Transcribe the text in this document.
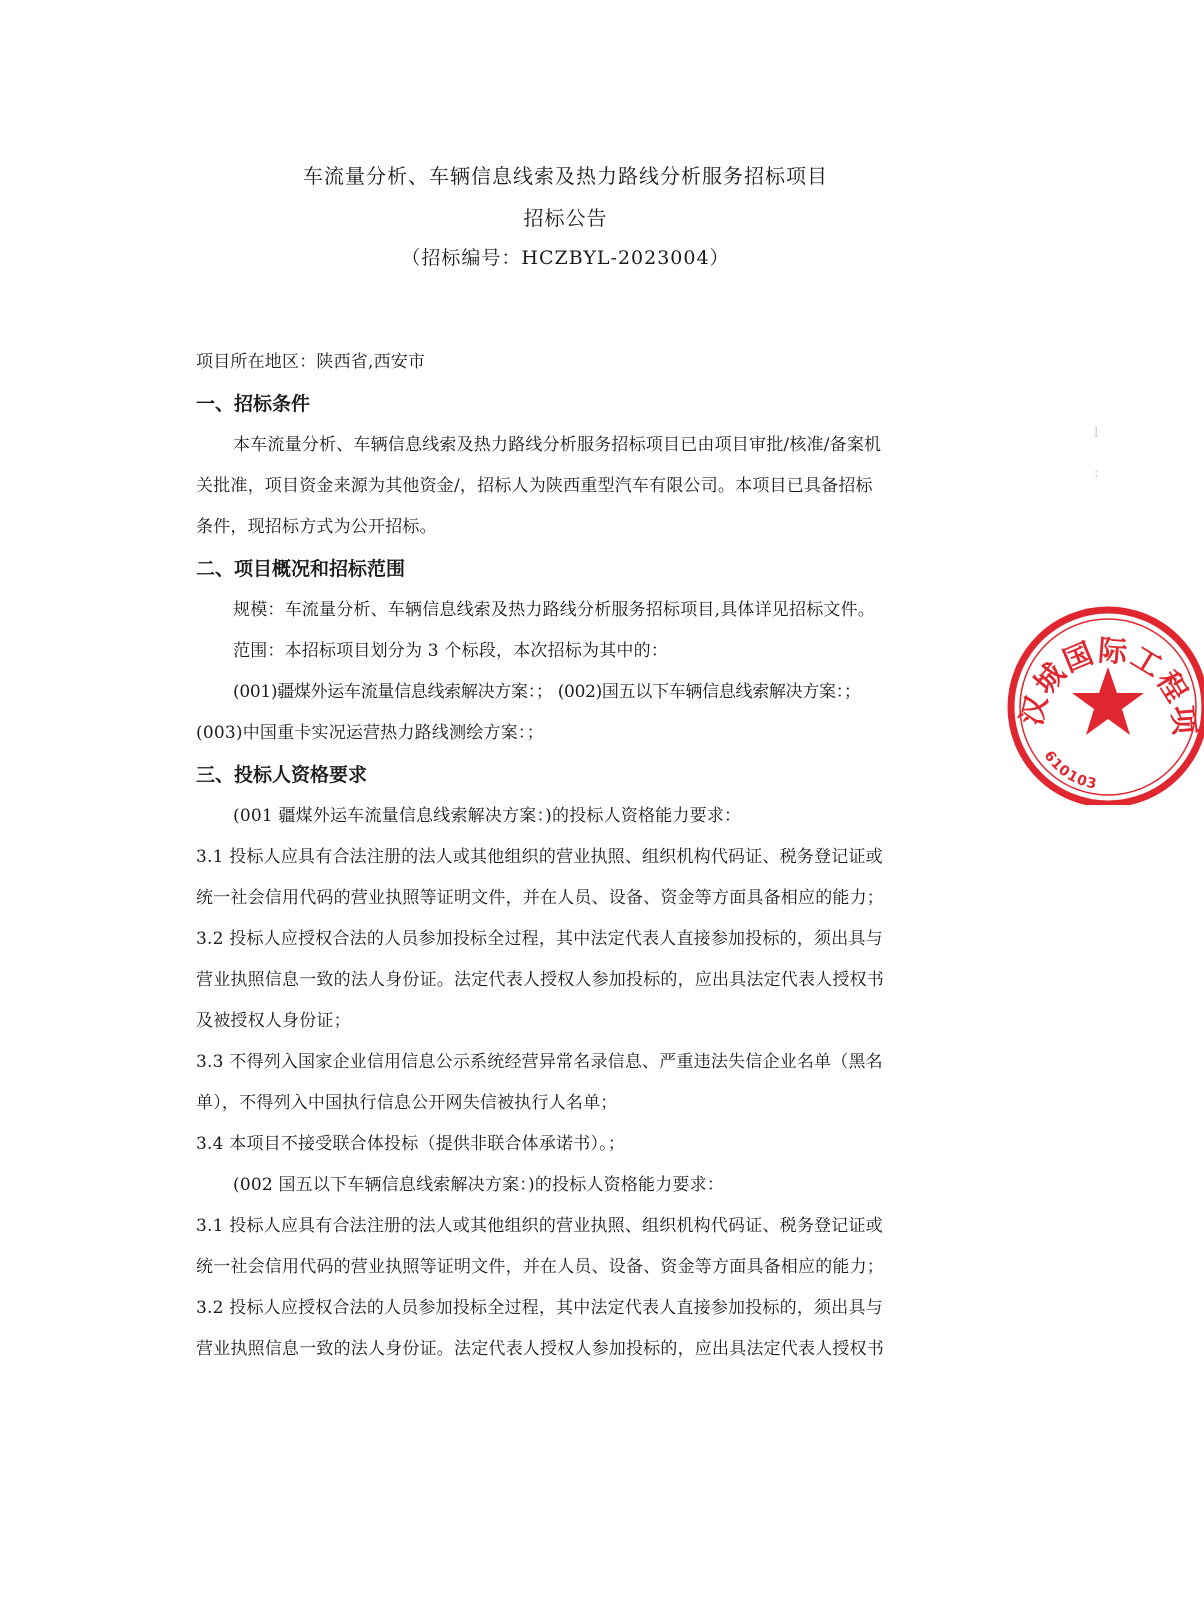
车流量分析、车辆信息线索及热力路线分析服务招标项目
招标公告
（招标编号：HCZBYL-2023004）

项目所在地区：陕西省,西安市

一、招标条件

本车流量分析、车辆信息线索及热力路线分析服务招标项目已由项目审批/核准/备案机

关批准，项目资金来源为其他资金/，招标人为陕西重型汽车有限公司。本项目已具备招标

条件，现招标方式为公开招标。

二、项目概况和招标范围

规模：车流量分析、车辆信息线索及热力路线分析服务招标项目,具体详见招标文件。

范围：本招标项目划分为 3 个标段，本次招标为其中的：

(001)疆煤外运车流量信息线索解决方案：； (002)国五以下车辆信息线索解决方案：；

(003)中国重卡实况运营热力路线测绘方案：；

三、投标人资格要求

(001 疆煤外运车流量信息线索解决方案：)的投标人资格能力要求：

3.1 投标人应具有合法注册的法人或其他组织的营业执照、组织机构代码证、税务登记证或

统一社会信用代码的营业执照等证明文件，并在人员、设备、资金等方面具备相应的能力；

3.2 投标人应授权合法的人员参加投标全过程，其中法定代表人直接参加投标的，须出具与

营业执照信息一致的法人身份证。法定代表人授权人参加投标的，应出具法定代表人授权书

及被授权人身份证；

3.3 不得列入国家企业信用信息公示系统经营异常名录信息、严重违法失信企业名单（黑名

单），不得列入中国执行信息公开网失信被执行人名单；

3.4 本项目不接受联合体投标（提供非联合体承诺书）。；

(002 国五以下车辆信息线索解决方案：)的投标人资格能力要求：

3.1 投标人应具有合法注册的法人或其他组织的营业执照、组织机构代码证、税务登记证或

统一社会信用代码的营业执照等证明文件，并在人员、设备、资金等方面具备相应的能力；

3.2 投标人应授权合法的人员参加投标全过程，其中法定代表人直接参加投标的，须出具与

营业执照信息一致的法人身份证。法定代表人授权人参加投标的，应出具法定代表人授权书

汉城国际工程项
610103
l
:
